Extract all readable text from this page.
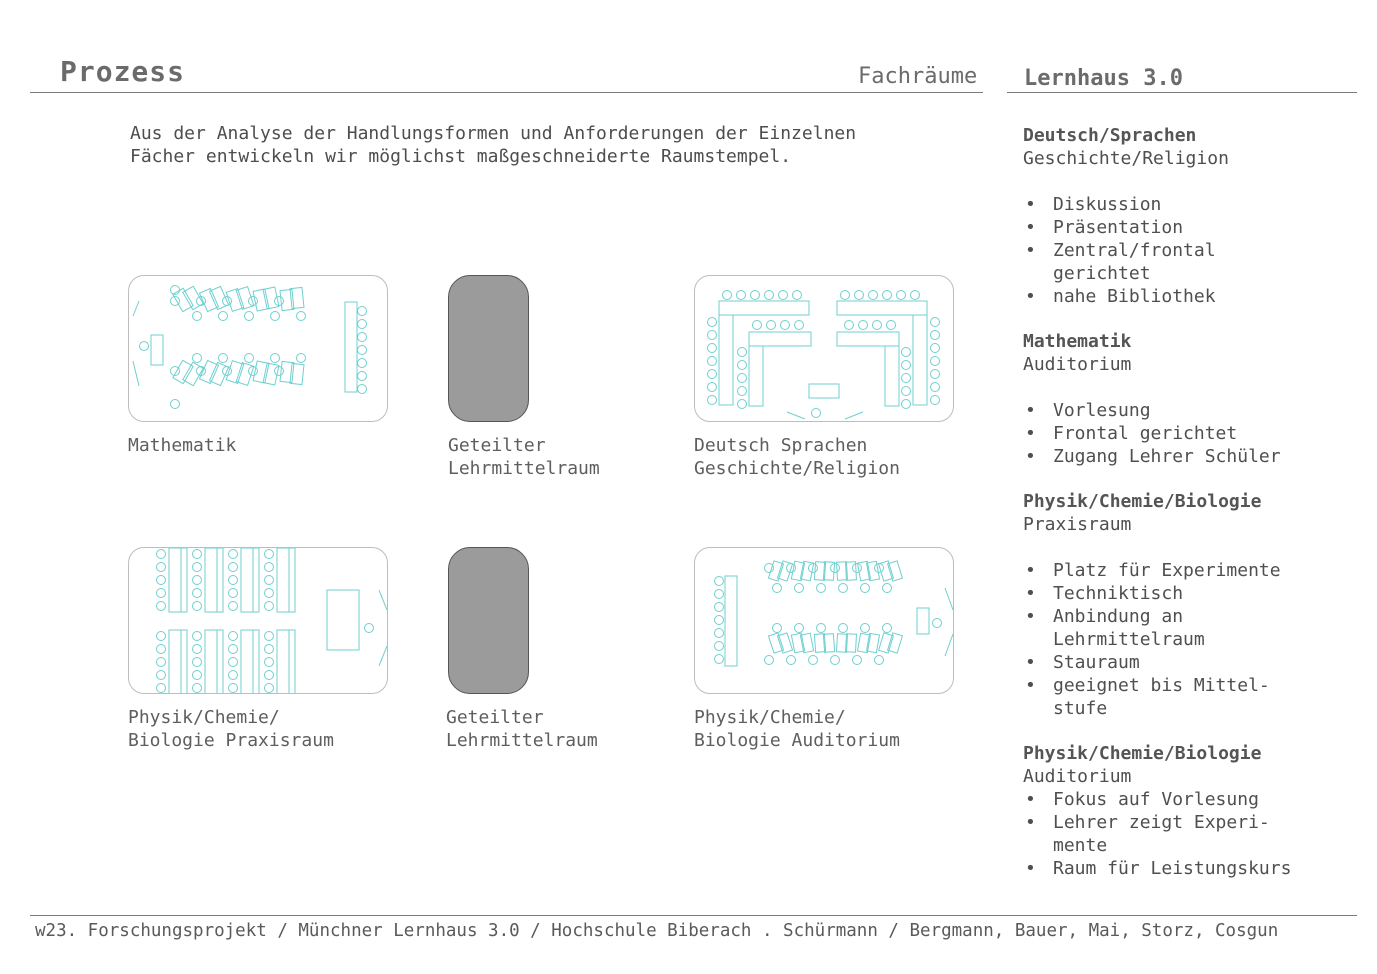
Prozess	Fachräume Lernhaus 3.0
Aus der Analyse der Handlungsformen und Anforderungen der Einzelnen
Fächer entwickeln wir möglichst maßgeschneiderte Raumstempel.
Mathematik	Geteilter
Lehrmittelraum
Deutsch Sprachen
Geschichte/Religion
Physik/Chemie/
Biologie Praxisraum
Geteilter
Lehrmittelraum
Physik/Chemie/
Biologie Auditorium
Deutsch/Sprachen
Geschichte/Religion
• Diskussion
• Präsentation
• Zentral/frontal
gerichtet
• nahe Bibliothek
Mathematik
Auditorium
• Vorlesung
• Frontal gerichtet
• Zugang Lehrer Schüler
Physik/Chemie/Biologie
Praxisraum
• Platz für Experimente
• Techniktisch
• Anbindung an
Lehrmittelraum
• Stauraum
• geeignet bis Mittel-
stufe
Physik/Chemie/Biologie
Auditorium
• Fokus auf Vorlesung
• Lehrer zeigt Experi-
mente
• Raum für Leistungskurs
w23. Forschungsprojekt / Münchner Lernhaus 3.0 / Hochschule Biberach . Schürmann / Bergmann, Bauer, Mai, Storz, Cosgun
